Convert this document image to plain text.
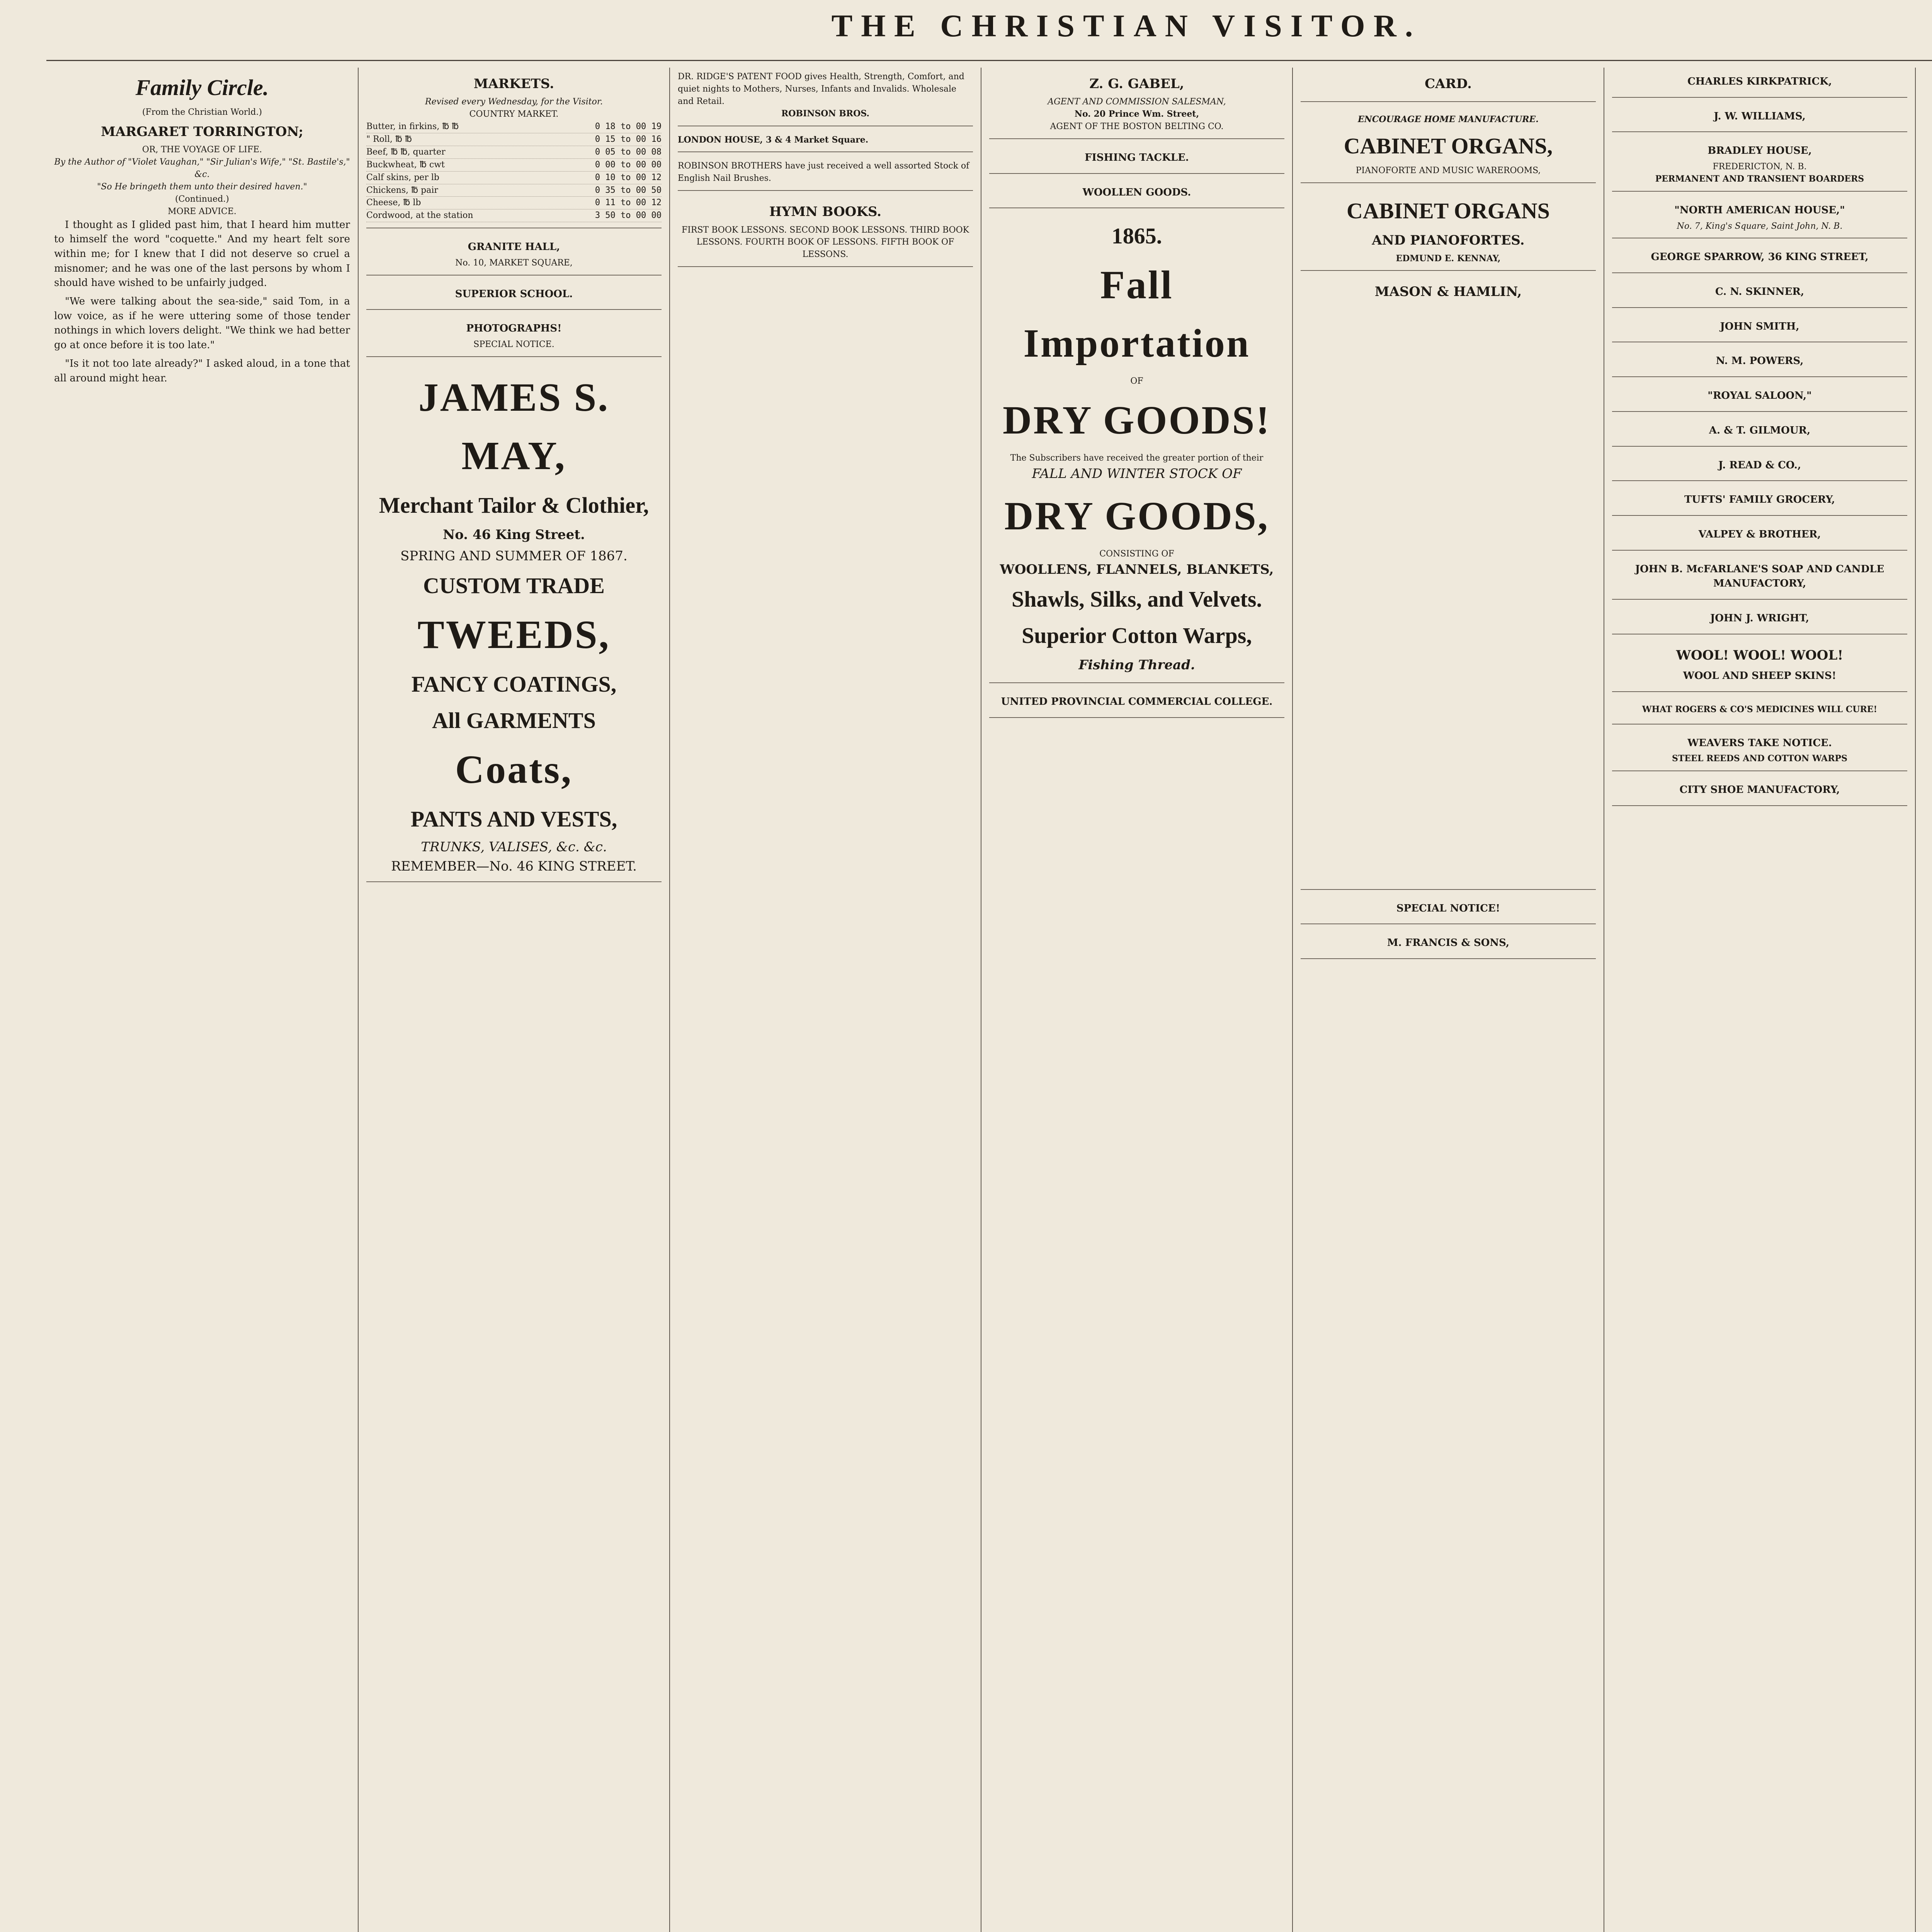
THE CHRISTIAN VISITOR.
Family Circle.
(From the Christian World.)
MARGARET TORRINGTON;
OR, THE VOYAGE OF LIFE.
By the Author of "Violet Vaughan," "Sir Julian's Wife," "St. Bastile's," &c.
"So He bringeth them unto their desired haven."
(Continued.)
MORE ADVICE.

I thought as I glided past him, that I heard him mutter to himself the word "coquette." And my heart felt sore within me; for I knew that I did not deserve so cruel a misnomer; and he was one of the last persons by whom I should have wished to be unfairly judged.

"We were talking about the sea-side," said Tom, in a low voice, as if he were uttering some of those tender nothings in which lovers delight. "We think we had better go at once before it is too late."

"Is it not too late already?" I asked aloud, in a tone that all around might hear.

MARKETS.
Revised every Wednesday, for the Visitor.
COUNTRY MARKET.
Butter, in firkins, ℔ ℔	0 18 to 00 19
" Roll, ℔ ℔	0 15 to 00 16
Beef, ℔ ℔, quarter	0 05 to 00 08
Buckwheat, ℔ cwt	0 00 to 00 00
Calf skins, per lb	0 10 to 00 12
Chickens, ℔ pair	0 35 to 00 50
Cheese, ℔ lb	0 11 to 00 12
Cordwood, at the station	3 50 to 00 00
GRANITE HALL,
No. 10, MARKET SQUARE,
SUPERIOR SCHOOL.
PHOTOGRAPHS!
SPECIAL NOTICE.
JAMES S. MAY,
Merchant Tailor & Clothier,
No. 46 King Street.
SPRING AND SUMMER OF 1867.
CUSTOM TRADE
TWEEDS,
FANCY COATINGS,
All GARMENTS
Coats,
PANTS AND VESTS,
TRUNKS, VALISES, &c. &c.
REMEMBER—No. 46 KING STREET.
DR. RIDGE'S PATENT FOOD gives Health, Strength, Comfort, and quiet nights to Mothers, Nurses, Infants and Invalids. Wholesale and Retail.
ROBINSON BROS.
LONDON HOUSE, 3 & 4 Market Square.
ROBINSON BROTHERS have just received a well assorted Stock of English Nail Brushes.
HYMN BOOKS.
FIRST BOOK LESSONS. SECOND BOOK LESSONS. THIRD BOOK LESSONS. FOURTH BOOK OF LESSONS. FIFTH BOOK OF LESSONS.
Z. G. GABEL,
AGENT AND COMMISSION SALESMAN,
No. 20 Prince Wm. Street,
AGENT OF THE BOSTON BELTING CO.
FISHING TACKLE.
WOOLLEN GOODS.
1865.
Fall Importation
OF
DRY GOODS!
The Subscribers have received the greater portion of their
FALL AND WINTER STOCK OF
DRY GOODS,
CONSISTING OF
WOOLLENS, FLANNELS, BLANKETS,
Shawls, Silks, and Velvets.
Superior Cotton Warps,
Fishing Thread.
UNITED PROVINCIAL COMMERCIAL COLLEGE.
CARD.
ENCOURAGE HOME MANUFACTURE.
CABINET ORGANS,
PIANOFORTE AND MUSIC WAREROOMS,
CABINET ORGANS
AND PIANOFORTES.
EDMUND E. KENNAY,
MASON & HAMLIN,
SPECIAL NOTICE!
M. FRANCIS & SONS,
CHARLES KIRKPATRICK,
J. W. WILLIAMS,
BRADLEY HOUSE,
FREDERICTON, N. B.
PERMANENT AND TRANSIENT BOARDERS
"NORTH AMERICAN HOUSE,"
No. 7, King's Square, Saint John, N. B.
GEORGE SPARROW, 36 KING STREET,
C. N. SKINNER,
JOHN SMITH,
N. M. POWERS,
"ROYAL SALOON,"
A. & T. GILMOUR,
J. READ & CO.,
TUFTS' FAMILY GROCERY,
VALPEY & BROTHER,
JOHN B. McFARLANE'S SOAP AND CANDLE MANUFACTORY,
JOHN J. WRIGHT,
WOOL! WOOL! WOOL!
WOOL AND SHEEP SKINS!
WHAT ROGERS & CO'S MEDICINES WILL CURE!
WEAVERS TAKE NOTICE.
STEEL REEDS AND COTTON WARPS
CITY SHOE MANUFACTORY,
